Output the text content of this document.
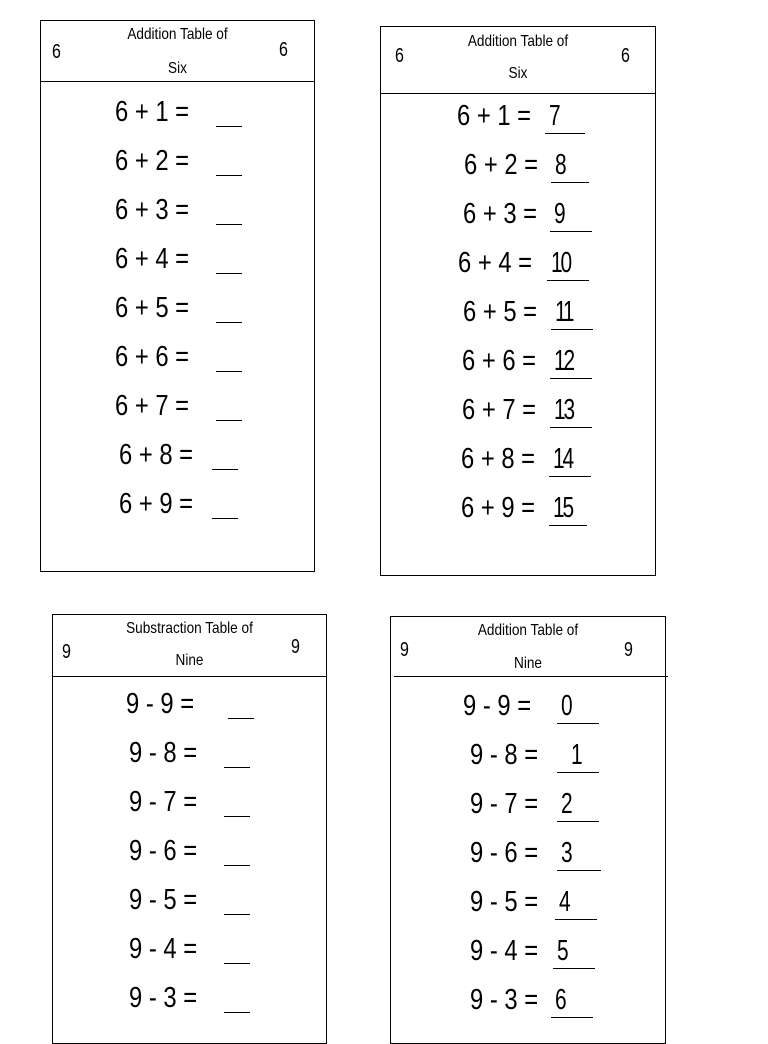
6
Addition Table of
Six
6
6 + 1 =
6 + 2 =
6 + 3 =
6 + 4 =
6 + 5 =
6 + 6 =
6 + 7 =
6 + 8 =
6 + 9 =
6
Addition Table of
Six
6
6 + 1 = 7
6 + 2 = 8
6 + 3 = 9
6 + 4 = 10
6 + 5 = 11
6 + 6 = 12
6 + 7 = 13
6 + 8 = 14
6 + 9 = 15
9
Substraction Table of
Nine
9
9 - 9 =
9 - 8 =
9 - 7 =
9 - 6 =
9 - 5 =
9 - 4 =
9 - 3 =
9
Addition Table of
Nine
9
9 - 9 = 0
9 - 8 = 1
9 - 7 = 2
9 - 6 = 3
9 - 5 = 4
9 - 4 = 5
9 - 3 = 6
